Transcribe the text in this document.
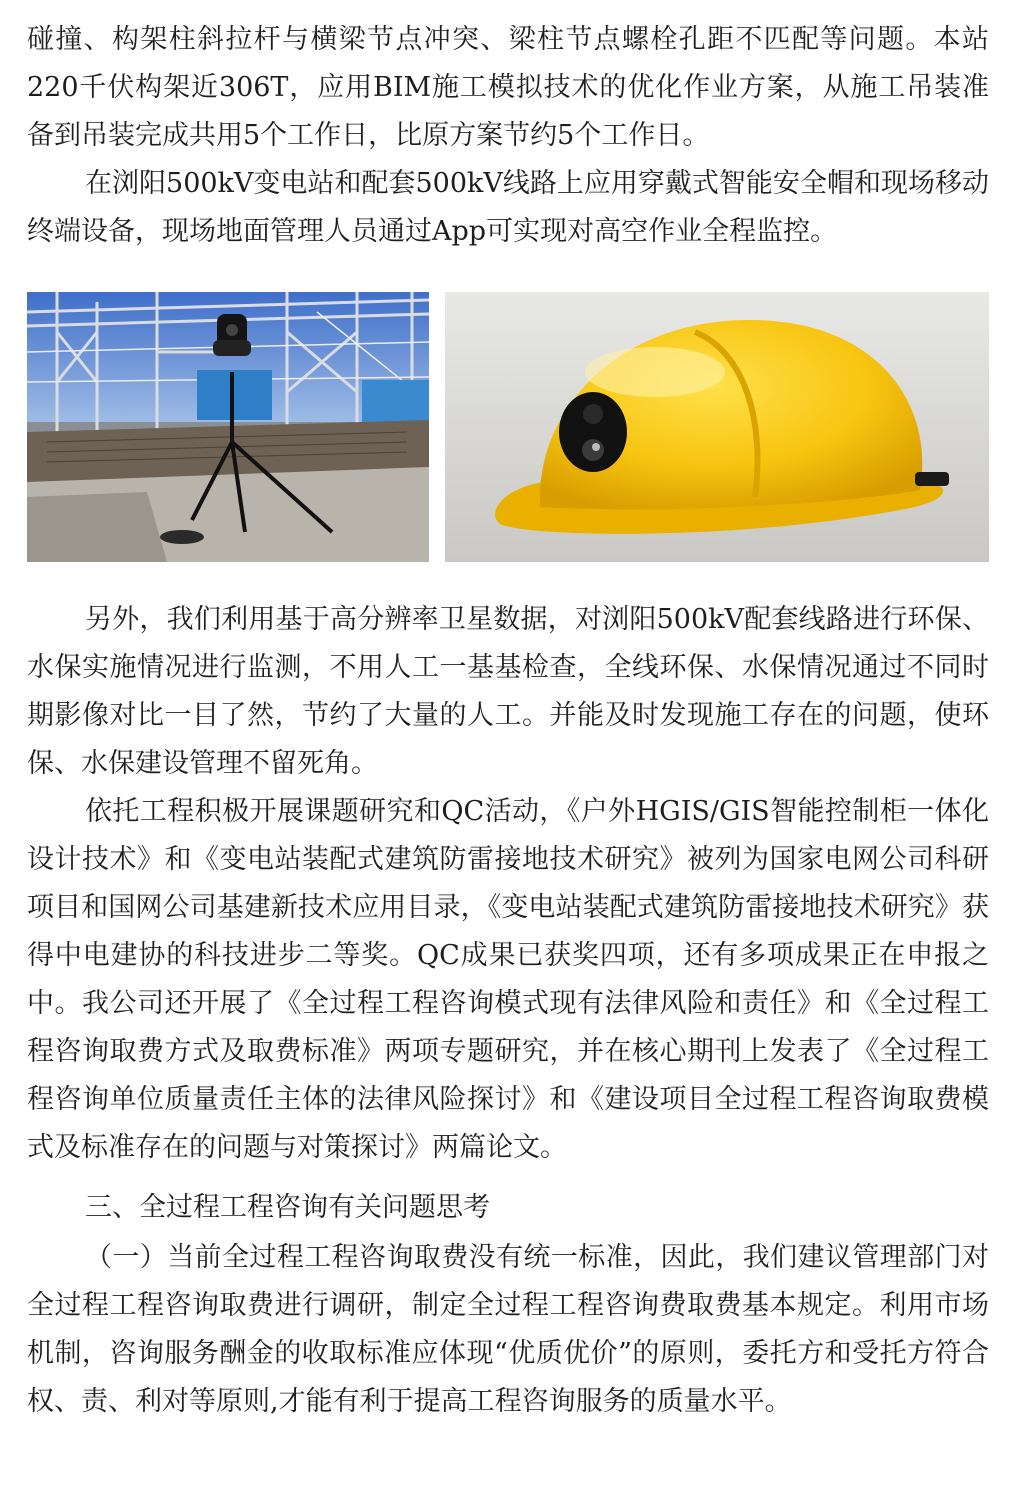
碰撞、构架柱斜拉杆与横梁节点冲突、梁柱节点螺栓孔距不匹配等问题。本站220千伏构架近306T，应用BIM施工模拟技术的优化作业方案，从施工吊装准备到吊装完成共用5个工作日，比原方案节约5个工作日。

在浏阳500kV变电站和配套500kV线路上应用穿戴式智能安全帽和现场移动终端设备，现场地面管理人员通过App可实现对高空作业全程监控。

另外，我们利用基于高分辨率卫星数据，对浏阳500kV配套线路进行环保、水保实施情况进行监测，不用人工一基基检查，全线环保、水保情况通过不同时期影像对比一目了然，节约了大量的人工。并能及时发现施工存在的问题，使环保、水保建设管理不留死角。

依托工程积极开展课题研究和QC活动，《户外HGIS/GIS智能控制柜一体化设计技术》和《变电站装配式建筑防雷接地技术研究》被列为国家电网公司科研项目和国网公司基建新技术应用目录，《变电站装配式建筑防雷接地技术研究》获得中电建协的科技进步二等奖。QC成果已获奖四项，还有多项成果正在申报之中。我公司还开展了《全过程工程咨询模式现有法律风险和责任》和《全过程工程咨询取费方式及取费标准》两项专题研究，并在核心期刊上发表了《全过程工程咨询单位质量责任主体的法律风险探讨》和《建设项目全过程工程咨询取费模式及标准存在的问题与对策探讨》两篇论文。

三、全过程工程咨询有关问题思考

（一）当前全过程工程咨询取费没有统一标准，因此，我们建议管理部门对全过程工程咨询取费进行调研，制定全过程工程咨询费取费基本规定。利用市场机制，咨询服务酬金的收取标准应体现“优质优价”的原则，委托方和受托方符合权、责、利对等原则,才能有利于提高工程咨询服务的质量水平。
